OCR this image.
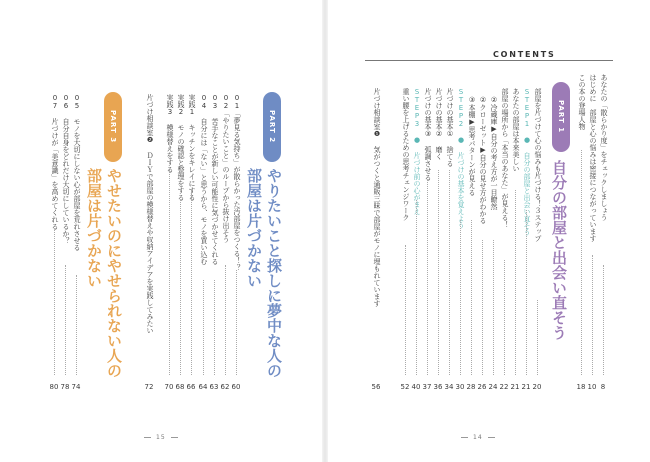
CONTENTS
あなたの「散らかり度」をチェックしましょう
はじめに　部屋と心の悩みは密接につながっています
この本の登場人物
8
10
18
PART 1
自分の部屋と出会い直そう
部屋を片づけて心の悩みも片づける！３ステップ
STEP1 ● 自分の部屋と出会い直そう
あなたの部屋は本来美しい
部屋の場所から「本当のあなた」が見える！
②冷蔵庫▶自分の考え方が一目瞭然
②クローゼット▶自分の見せ方がわかる
③本棚▶思考パターンが見える
STEP2 ● 片づけの基本を覚えよう
片づけの基本① 捨てる
片づけの基本② 磨く
片づけの基本③ 弧調させる
STEP3 ● 片づけ前の心がまえ
重い腰を上げるための思考チェンジワーク
片づけ相談室❶ 気がつくと通販三昧で部屋がモノに埋もれています
20
21
21
22
24
26
28
30
34
36
37
40
52
56
14
PART 2
やりたいこと探しに夢中な人の
部屋は片づかない
01「夢見る気持ち」が散らかった汚部屋をつくる！？
02「やりたいこと」のループから抜け出そう
03 苦手なことが新しい可能性に気づかせてくれる
04 自分には「ない」と思うから、モノを買い込む
実践1 キッチンをキレイにする
実践2 モノの確認と整理をする
実践3 模様替えをする
片づけ相談室❷ ＤＩＹで部屋の模様替えや収納アイデアを実践してみたい
60
62
63
64
66
68
70
72
PART 3
やせたいのにやせられない人の
部屋は片づかない
05 モノを大切にしない心が部屋を荒れさせる
06 自分自身をどれだけ大切にしているか？
07 片づけが「美意識」を高めてくれる
74
78
80
15
